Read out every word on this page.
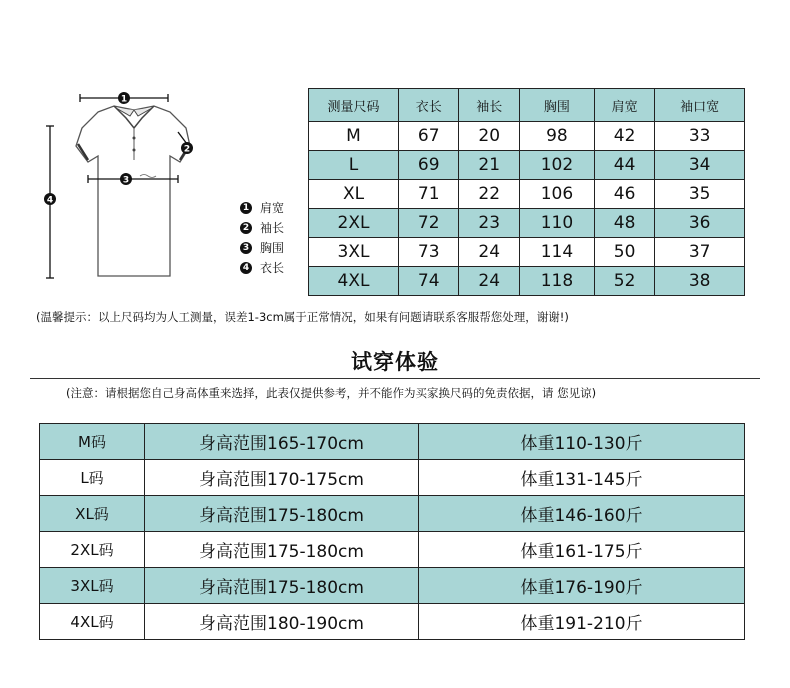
1
3
4
2
1 肩宽
2 袖长
3 胸围
4 衣长
测量尺码	衣长	袖长	胸围	肩宽	袖口宽
M	67	20	98	42	33
L	69	21	102	44	34
XL	71	22	106	46	35
2XL	72	23	110	48	36
3XL	73	24	114	50	37
4XL	74	24	118	52	38
(温馨提示：以上尺码均为人工测量，误差1-3cm属于正常情况，如果有问题请联系客服帮您处理，谢谢!)
试穿体验
(注意：请根据您自己身高体重来选择，此表仅提供参考，并不能作为买家换尺码的免责依据，请 您见谅)
M码	身高范围165-170cm	体重110-130斤
L码	身高范围170-175cm	体重131-145斤
XL码	身高范围175-180cm	体重146-160斤
2XL码	身高范围175-180cm	体重161-175斤
3XL码	身高范围175-180cm	体重176-190斤
4XL码	身高范围180-190cm	体重191-210斤
